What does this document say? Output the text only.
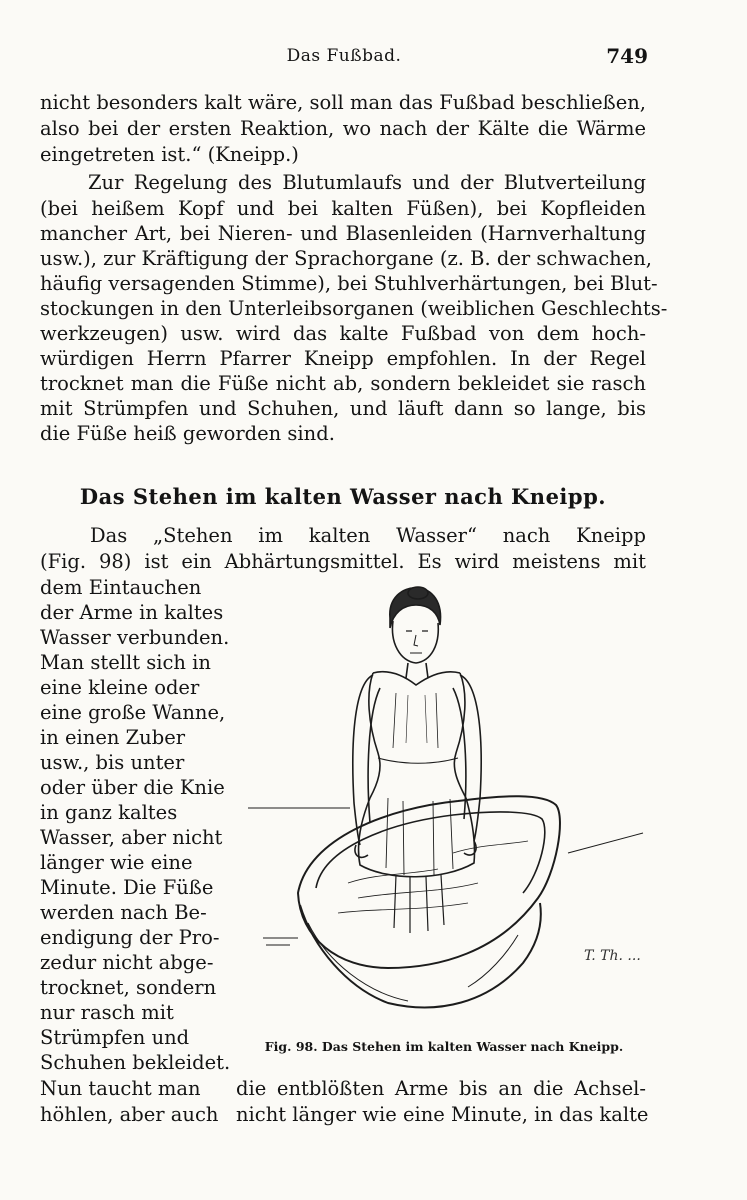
Das Fußbad.	749
nicht besonders kalt wäre, soll man das Fußbad beschließen,
also bei der ersten Reaktion, wo nach der Kälte die Wärme
eingetreten ist.“ (Kneipp.)
Zur Regelung des Blutumlaufs und der Blutverteilung
(bei heißem Kopf und bei kalten Füßen), bei Kopfleiden
mancher Art, bei Nieren- und Blasenleiden (Harnverhaltung
usw.), zur Kräftigung der Sprachorgane (z. B. der schwachen,
häufig versagenden Stimme), bei Stuhlverhärtungen, bei Blut-
stockungen in den Unterleibsorganen (weiblichen Geschlechts-
werkzeugen) usw. wird das kalte Fußbad von dem hoch-
würdigen Herrn Pfarrer Kneipp empfohlen. In der Regel
trocknet man die Füße nicht ab, sondern bekleidet sie rasch
mit Strümpfen und Schuhen, und läuft dann so lange, bis
die Füße heiß geworden sind.
Das Stehen im kalten Wasser nach Kneipp.
Das „Stehen im kalten Wasser“ nach Kneipp
(Fig. 98) ist ein Abhärtungsmittel. Es wird meistens mit
dem Eintauchen
der Arme in kaltes
Wasser verbunden.
Man stellt sich in
eine kleine oder
eine große Wanne,
in einen Zuber
usw., bis unter
oder über die Knie
in ganz kaltes
Wasser, aber nicht
länger wie eine
Minute. Die Füße
werden nach Be-
endigung der Pro-
zedur nicht abge-
trocknet, sondern
nur rasch mit
Strümpfen und
Schuhen bekleidet.
T. Th. ...
Fig. 98. Das Stehen im kalten Wasser nach Kneipp.
Nun taucht man	die entblößten Arme bis an die Achsel-
höhlen, aber auch nicht länger wie eine Minute, in das kalte
